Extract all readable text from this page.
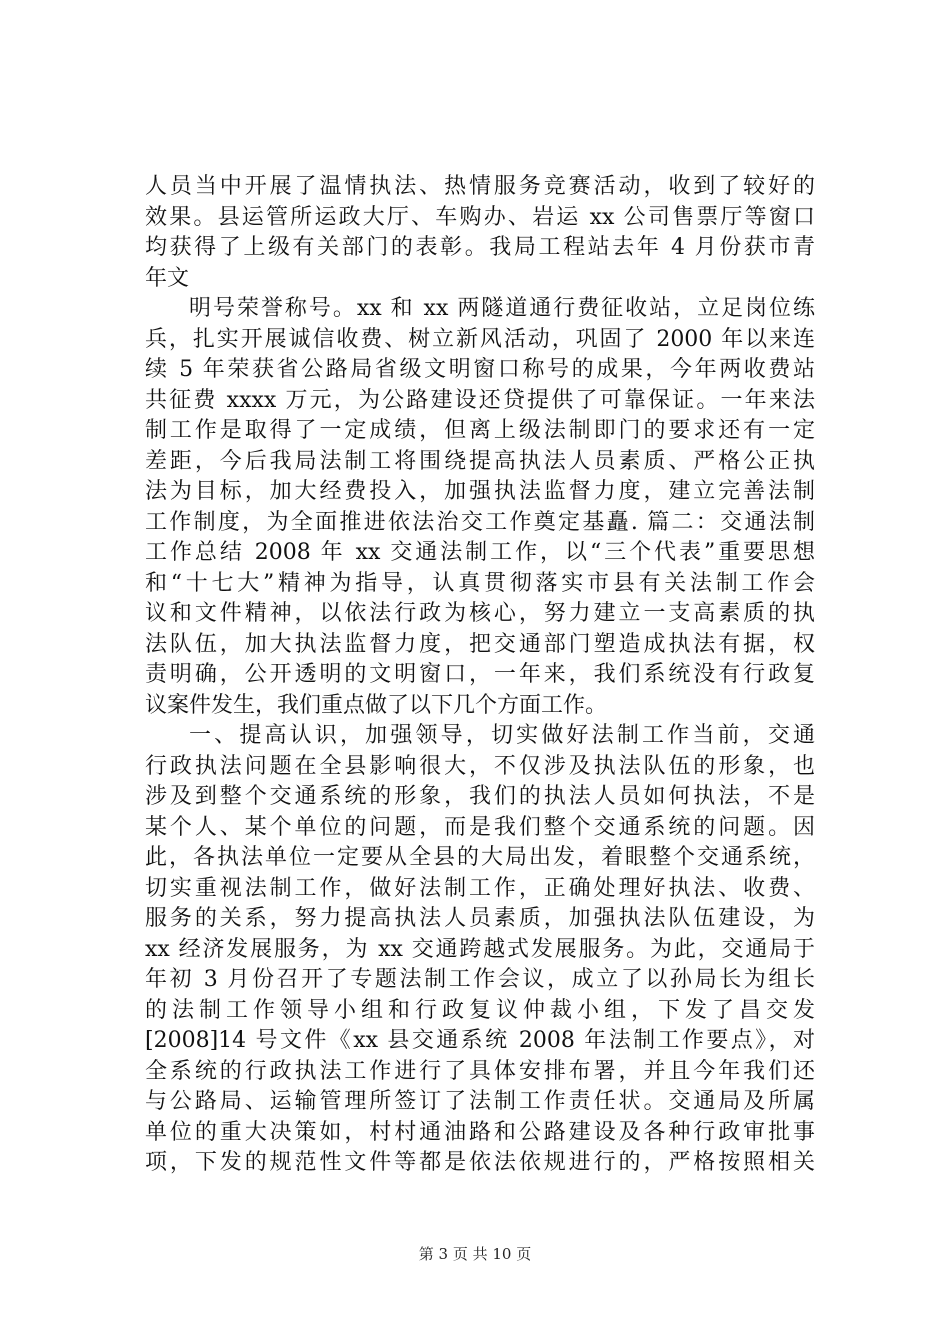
人员当中开展了温情执法、热情服务竞赛活动，收到了较好的
效果。县运管所运政大厅、车购办、岩运 xx 公司售票厅等窗口
均获得了上级有关部门的表彰。我局工程站去年 4 月份获市青
年文
明号荣誉称号。xx 和 xx 两隧道通行费征收站，立足岗位练
兵，扎实开展诚信收费、树立新风活动，巩固了 2000 年以来连
续 5 年荣获省公路局省级文明窗口称号的成果，今年两收费站
共征费 xxxx 万元，为公路建设还贷提供了可靠保证。一年来法
制工作是取得了一定成绩，但离上级法制即门的要求还有一定
差距，今后我局法制工将围绕提高执法人员素质、严格公正执
法为目标，加大经费投入，加强执法监督力度，建立完善法制
工作制度，为全面推进依法治交工作奠定基矗. 篇二：交通法制
工作总结 2008 年 xx 交通法制工作，以“三个代表”重要思想
和“十七大”精神为指导，认真贯彻落实市县有关法制工作会
议和文件精神，以依法行政为核心，努力建立一支高素质的执
法队伍，加大执法监督力度，把交通部门塑造成执法有据，权
责明确，公开透明的文明窗口，一年来，我们系统没有行政复
议案件发生，我们重点做了以下几个方面工作。
一、提高认识，加强领导，切实做好法制工作当前，交通
行政执法问题在全县影响很大，不仅涉及执法队伍的形象，也
涉及到整个交通系统的形象，我们的执法人员如何执法，不是
某个人、某个单位的问题，而是我们整个交通系统的问题。因
此，各执法单位一定要从全县的大局出发，着眼整个交通系统，
切实重视法制工作，做好法制工作，正确处理好执法、收费、
服务的关系，努力提高执法人员素质，加强执法队伍建设，为
xx 经济发展服务，为 xx 交通跨越式发展服务。为此，交通局于
年初 3 月份召开了专题法制工作会议，成立了以孙局长为组长
的法制工作领导小组和行政复议仲裁小组，下发了昌交发
[2008]14 号文件《xx 县交通系统 2008 年法制工作要点》，对
全系统的行政执法工作进行了具体安排布署，并且今年我们还
与公路局、运输管理所签订了法制工作责任状。交通局及所属
单位的重大决策如，村村通油路和公路建设及各种行政审批事
项，下发的规范性文件等都是依法依规进行的，严格按照相关
第 3 页 共 10 页
